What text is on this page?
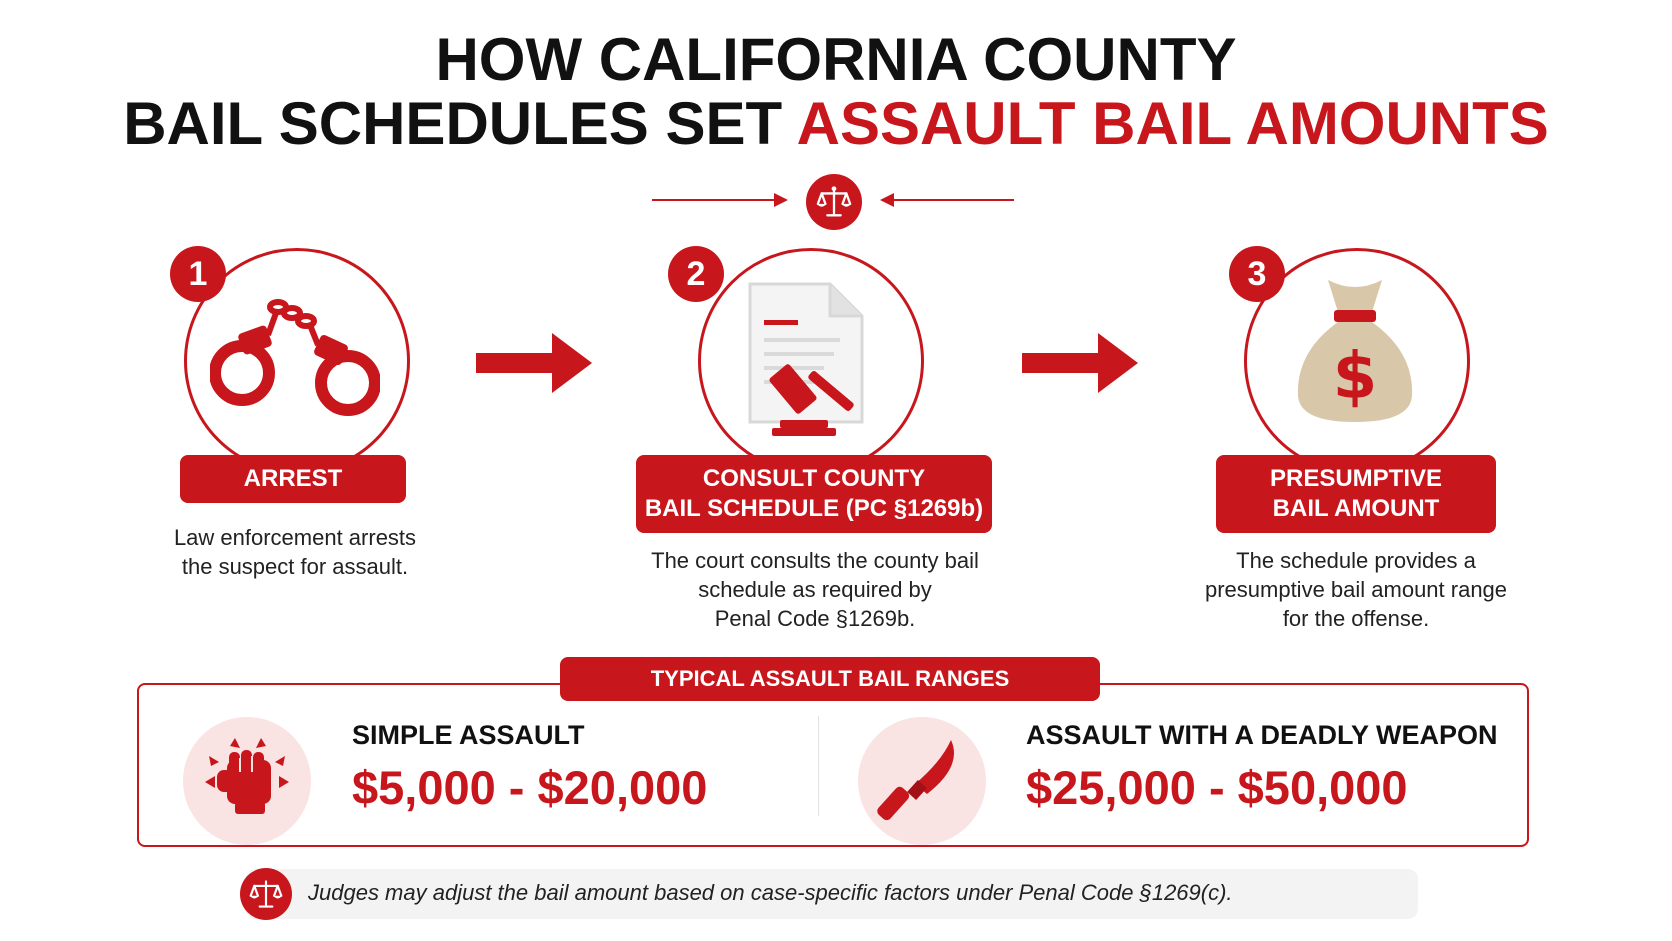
HOW CALIFORNIA COUNTY
BAIL SCHEDULES SET ASSAULT BAIL AMOUNTS
1
ARREST
Law enforcement arrests
the suspect for assault.
2
CONSULT COUNTY
BAIL SCHEDULE (PC §1269b)
The court consults the county bail
schedule as required by
Penal Code §1269b.
$
3
PRESUMPTIVE
BAIL AMOUNT
The schedule provides a
presumptive bail amount range
for the offense.
TYPICAL ASSAULT BAIL RANGES
SIMPLE ASSAULT
$5,000 - $20,000
ASSAULT WITH A DEADLY WEAPON
$25,000 - $50,000
Judges may adjust the bail amount based on case-specific factors under Penal Code §1269(c).
